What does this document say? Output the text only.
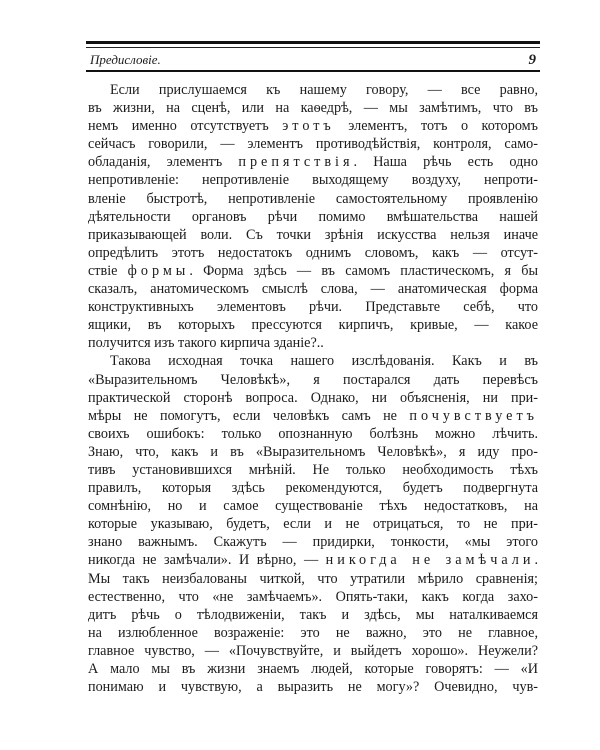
Предисловіе.	9
Если прислушаемся къ нашему говору, — все равно,
въ жизни, на сценѣ, или на каѳедрѣ, — мы замѣтимъ, что въ
немъ именно отсутствуетъ этотъ элементъ, тотъ о которомъ
сейчасъ говорили, — элементъ противодѣйствія, контроля, само-
обладанія, элементъ препятствія. Наша рѣчь есть одно
непротивленіе: непротивленіе выходящему воздуху, непроти-
вленіе быстротѣ, непротивленіе самостоятельному проявленію
дѣятельности органовъ рѣчи помимо вмѣшательства нашей
приказывающей воли. Съ точки зрѣнія искусства нельзя иначе
опредѣлить этотъ недостатокъ однимъ словомъ, какъ — отсут-
ствіе формы. Форма здѣсь — въ самомъ пластическомъ, я бы
сказалъ, анатомическомъ смыслѣ слова, — анатомическая форма
конструктивныхъ элементовъ рѣчи. Представьте себѣ, что
ящики, въ которыхъ прессуются кирпичъ, кривые, — какое
получится изъ такого кирпича зданіе?..
Такова исходная точка нашего изслѣдованія. Какъ и въ
«Выразительномъ Человѣкѣ», я постарался дать перевѣсъ
практической сторонѣ вопроса. Однако, ни объясненія, ни при-
мѣры не помогутъ, если человѣкъ самъ не почувствуетъ
своихъ ошибокъ: только опознанную болѣзнь можно лѣчить.
Знаю, что, какъ и въ «Выразительномъ Человѣкѣ», я иду про-
тивъ установившихся мнѣній. Не только необходимость тѣхъ
правилъ, которыя здѣсь рекомендуются, будетъ подвергнута
сомнѣнію, но и самое существованіе тѣхъ недостатковъ, на
которые указываю, будетъ, если и не отрицаться, то не при-
знано важнымъ. Скажутъ — придирки, тонкости, «мы этого
никогда не замѣчали». И вѣрно, — никогда не замѣчали.
Мы такъ неизбалованы читкой, что утратили мѣрило сравненія;
естественно, что «не замѣчаемъ». Опять-таки, какъ когда захо-
дитъ рѣчь о тѣлодвиженіи, такъ и здѣсь, мы наталкиваемся
на излюбленное возраженіе: это не важно, это не главное,
главное чувство, — «Почувствуйте, и выйдетъ хорошо». Неужели?
А мало мы въ жизни знаемъ людей, которые говорятъ: — «И
понимаю и чувствую, а выразить не могу»? Очевидно, чув-
